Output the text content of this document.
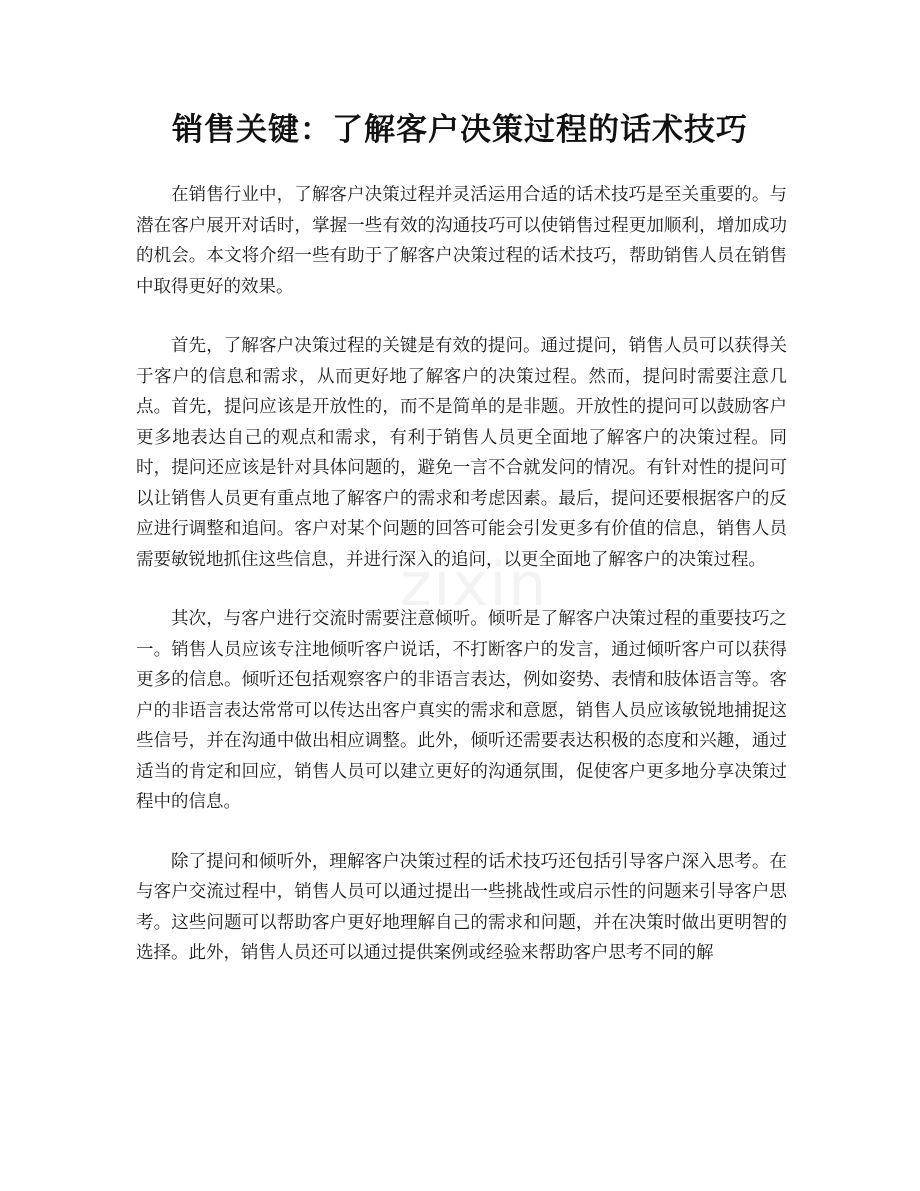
销售关键：了解客户决策过程的话术技巧

在销售行业中，了解客户决策过程并灵活运用合适的话术技巧是至关重要的。与潜在客户展开对话时，掌握一些有效的沟通技巧可以使销售过程更加顺利，增加成功的机会。本文将介绍一些有助于了解客户决策过程的话术技巧，帮助销售人员在销售中取得更好的效果。

首先，了解客户决策过程的关键是有效的提问。通过提问，销售人员可以获得关于客户的信息和需求，从而更好地了解客户的决策过程。然而，提问时需要注意几点。首先，提问应该是开放性的，而不是简单的是非题。开放性的提问可以鼓励客户更多地表达自己的观点和需求，有利于销售人员更全面地了解客户的决策过程。同时，提问还应该是针对具体问题的，避免一言不合就发问的情况。有针对性的提问可以让销售人员更有重点地了解客户的需求和考虑因素。最后，提问还要根据客户的反应进行调整和追问。客户对某个问题的回答可能会引发更多有价值的信息，销售人员需要敏锐地抓住这些信息，并进行深入的追问，以更全面地了解客户的决策过程。

其次，与客户进行交流时需要注意倾听。倾听是了解客户决策过程的重要技巧之一。销售人员应该专注地倾听客户说话，不打断客户的发言，通过倾听客户可以获得更多的信息。倾听还包括观察客户的非语言表达，例如姿势、表情和肢体语言等。客户的非语言表达常常可以传达出客户真实的需求和意愿，销售人员应该敏锐地捕捉这些信号，并在沟通中做出相应调整。此外，倾听还需要表达积极的态度和兴趣，通过适当的肯定和回应，销售人员可以建立更好的沟通氛围，促使客户更多地分享决策过程中的信息。

除了提问和倾听外，理解客户决策过程的话术技巧还包括引导客户深入思考。在与客户交流过程中，销售人员可以通过提出一些挑战性或启示性的问题来引导客户思考。这些问题可以帮助客户更好地理解自己的需求和问题，并在决策时做出更明智的选择。此外，销售人员还可以通过提供案例或经验来帮助客户思考不同的解

zixin
